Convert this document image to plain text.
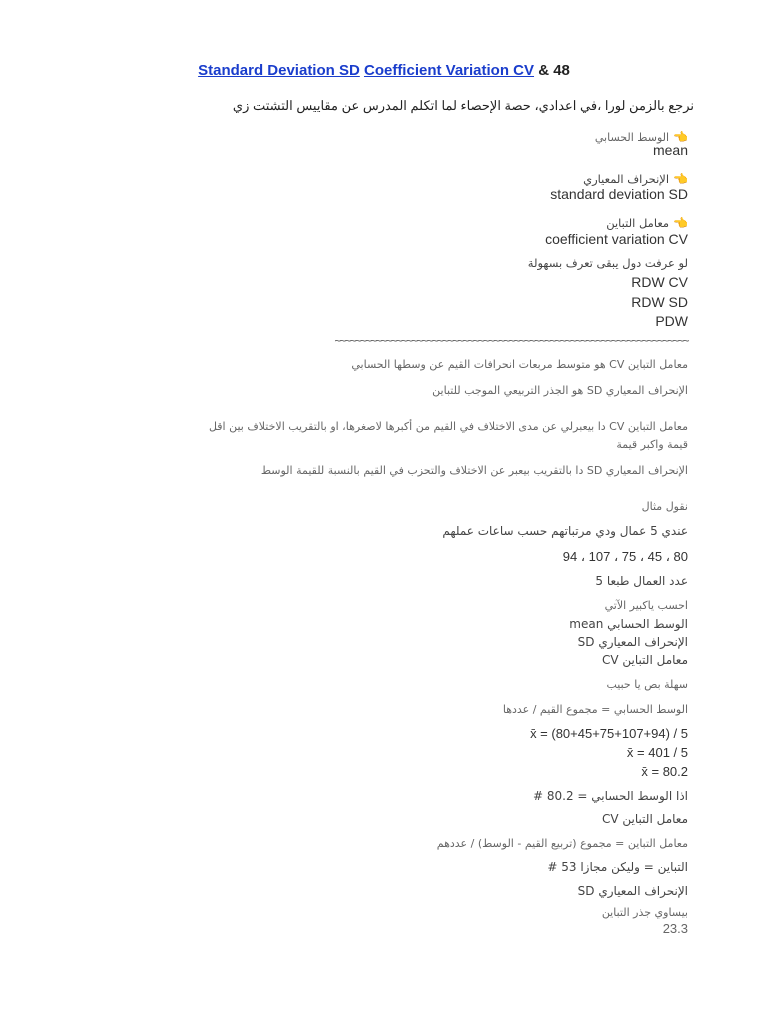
Standard Deviation SD Coefficient Variation CV & 48
نرجع بالزمن لورا ،في اعدادي، حصة الإحصاء لما اتكلم المدرس عن مقاييس التشتت زي
👈الوسط الحسابي
mean
👈الإنحراف المعياري
standard deviation SD
👈معامل التباين
coefficient variation CV
لو عرفت دول يبقى تعرف بسهولة
RDW CV
RDW SD
PDW
~~~~~~~~~~~~~~~~~~~~~~~~~~~~~~~~~~~~~~~~~~~~~~~~~~~~~~~~~~~~~~~~~~~~~
معامل التباين CV هو متوسط مربعات انحرافات القيم عن وسطها الحسابي
الإنحراف المعياري SD هو الجذر التربيعي الموجب للتباين
معامل التباين CV دا بيعبرلي عن مدى الاختلاف في القيم من أكبرها لاصغرها، او بالتقريب الاختلاف بين اقل قيمة واكبر قيمة
الإنحراف المعياري SD دا بالتقريب بيعبر عن الاختلاف والتحزب في القيم بالنسبة للقيمة الوسط
نقول مثال
عندي 5 عمال ودي مرتباتهم حسب ساعات عملهم
80 ، 45 ، 75 ، 107 ، 94
عدد العمال طبعا 5
احسب ياكبير الآتي
الوسط الحسابي mean
الإنحراف المعياري SD
معامل التباين CV
سهلة بص يا حبيب
الوسط الحسابي = مجموع القيم / عددها
x̄ = (80+45+75+107+94) / 5
x̄ = 401 / 5
x̄ = 80.2
اذا الوسط الحسابي = 80.2 #
معامل التباين CV
معامل التباين = مجموع (تربيع القيم - الوسط) / عددهم
التباين = وليكن مجازا 53 #
الإنحراف المعياري SD
بيساوي جذر التباين
23.3
